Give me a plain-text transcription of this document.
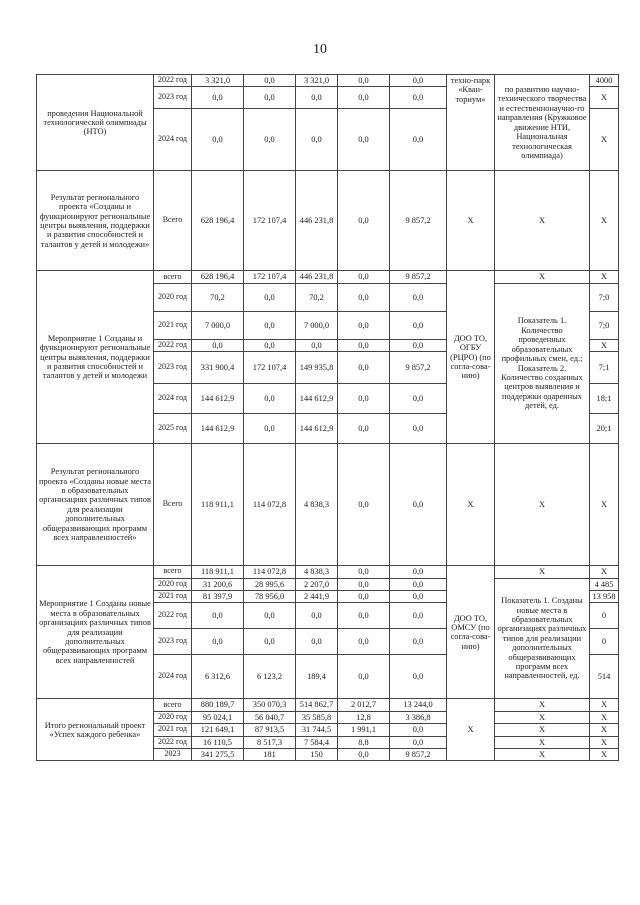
10
проведения Национальной технологической олимпиады (НТО)	2022 год	3 321,0	0,0	3 321,0	0,0	0,0	техно-парк «Кван-ториум»	по развитию научно-технического творчества и естественнонаучно-го направления (Кружковое движение НТИ, Национальная технологическая олимпиада)	4000
	2023 год	0,0	0,0	0,0	0,0	0,0			Х
	2024 год	0,0	0,0	0,0	0,0	0,0			Х
Результат регионального проекта «Созданы и функционируют региональные центры выявления, поддержки и развития способностей и талантов у детей и молодежи»	Всего	628 196,4	172 107,4	446 231,8	0,0	9 857,2	Х	Х	Х
Мероприятие 1 Созданы и функционируют региональные центры выявления, поддержки и развития способностей и талантов у детей и молодежи	всего	628 196,4	172 107,4	446 231,8	0,0	9 857,2	ДОО ТО, ОГБУ (РЦРО) (по согла-сова-нию)	Х	Х
	2020 год	70,2	0,0	70,2	0,0	0,0		Показатель 1. Количество проведенных образовательных профильных смен, ед.; Показатель 2. Количество созданных центров выявления и поддержки одаренных детей, ед.	7;0
	2021 год	7 000,0	0,0	7 000,0	0,0	0,0			7;0
	2022 год	0,0	0,0	0,0	0,0	0,0			Х
	2023 год	331 900,4	172 107,4	149 935,8	0,0	9 857,2			7;1
	2024 год	144 612,9	0,0	144 612,9	0,0	0,0			18;1
	2025 год	144 612,9	0,0	144 612,9	0,0	0,0			20;1
Результат регионального проекта «Созданы новые места в образовательных организациях различных типов для реализации дополнительных общеразвивающих программ всех направленностей»	Всего	118 911,1	114 072,8	4 838,3	0,0	0,0	Х	Х	Х
Мероприятие 1 Созданы новые места в образовательных организациях различных типов для реализации дополнительных общеразвивающих программ всех направленностей	всего	118 911,1	114 072,8	4 838,3	0,0	0,0	ДОО ТО, ОМСУ (по согла-сова-нию)	Х	Х
	2020 год	31 200,6	28 995,6	2 207,0	0,0	0,0		Показатель 1. Созданы новые места в образовательных организациях различных типов для реализации дополнительных общеразвивающих программ всех направленностей, ед.	4 485
	2021 год	81 397,9	78 956,0	2 441,9	0,0	0,0			13 958
	2022 год	0,0	0,0	0,0	0,0	0,0			0
	2023 год	0,0	0,0	0,0	0,0	0,0			0
	2024 год	6 312,6	6 123,2	189,4	0,0	0,0			514
Итого региональный проект «Успех каждого ребенка»	всего	880 189,7	350 070,3	514 862,7	2 012,7	13 244,0	Х	Х	Х
	2020 год	95 024,1	56 040,7	35 585,8	12,8	3 386,8		Х	Х
	2021 год	121 649,1	87 913,5	31 744,5	1 991,1	0,0		Х	Х
	2022 год	16 110,5	8 517,3	7 584,4	8,8	0,0		Х	Х
	2023	341 275,5	181	150	0,0	9 857,2		Х	Х
